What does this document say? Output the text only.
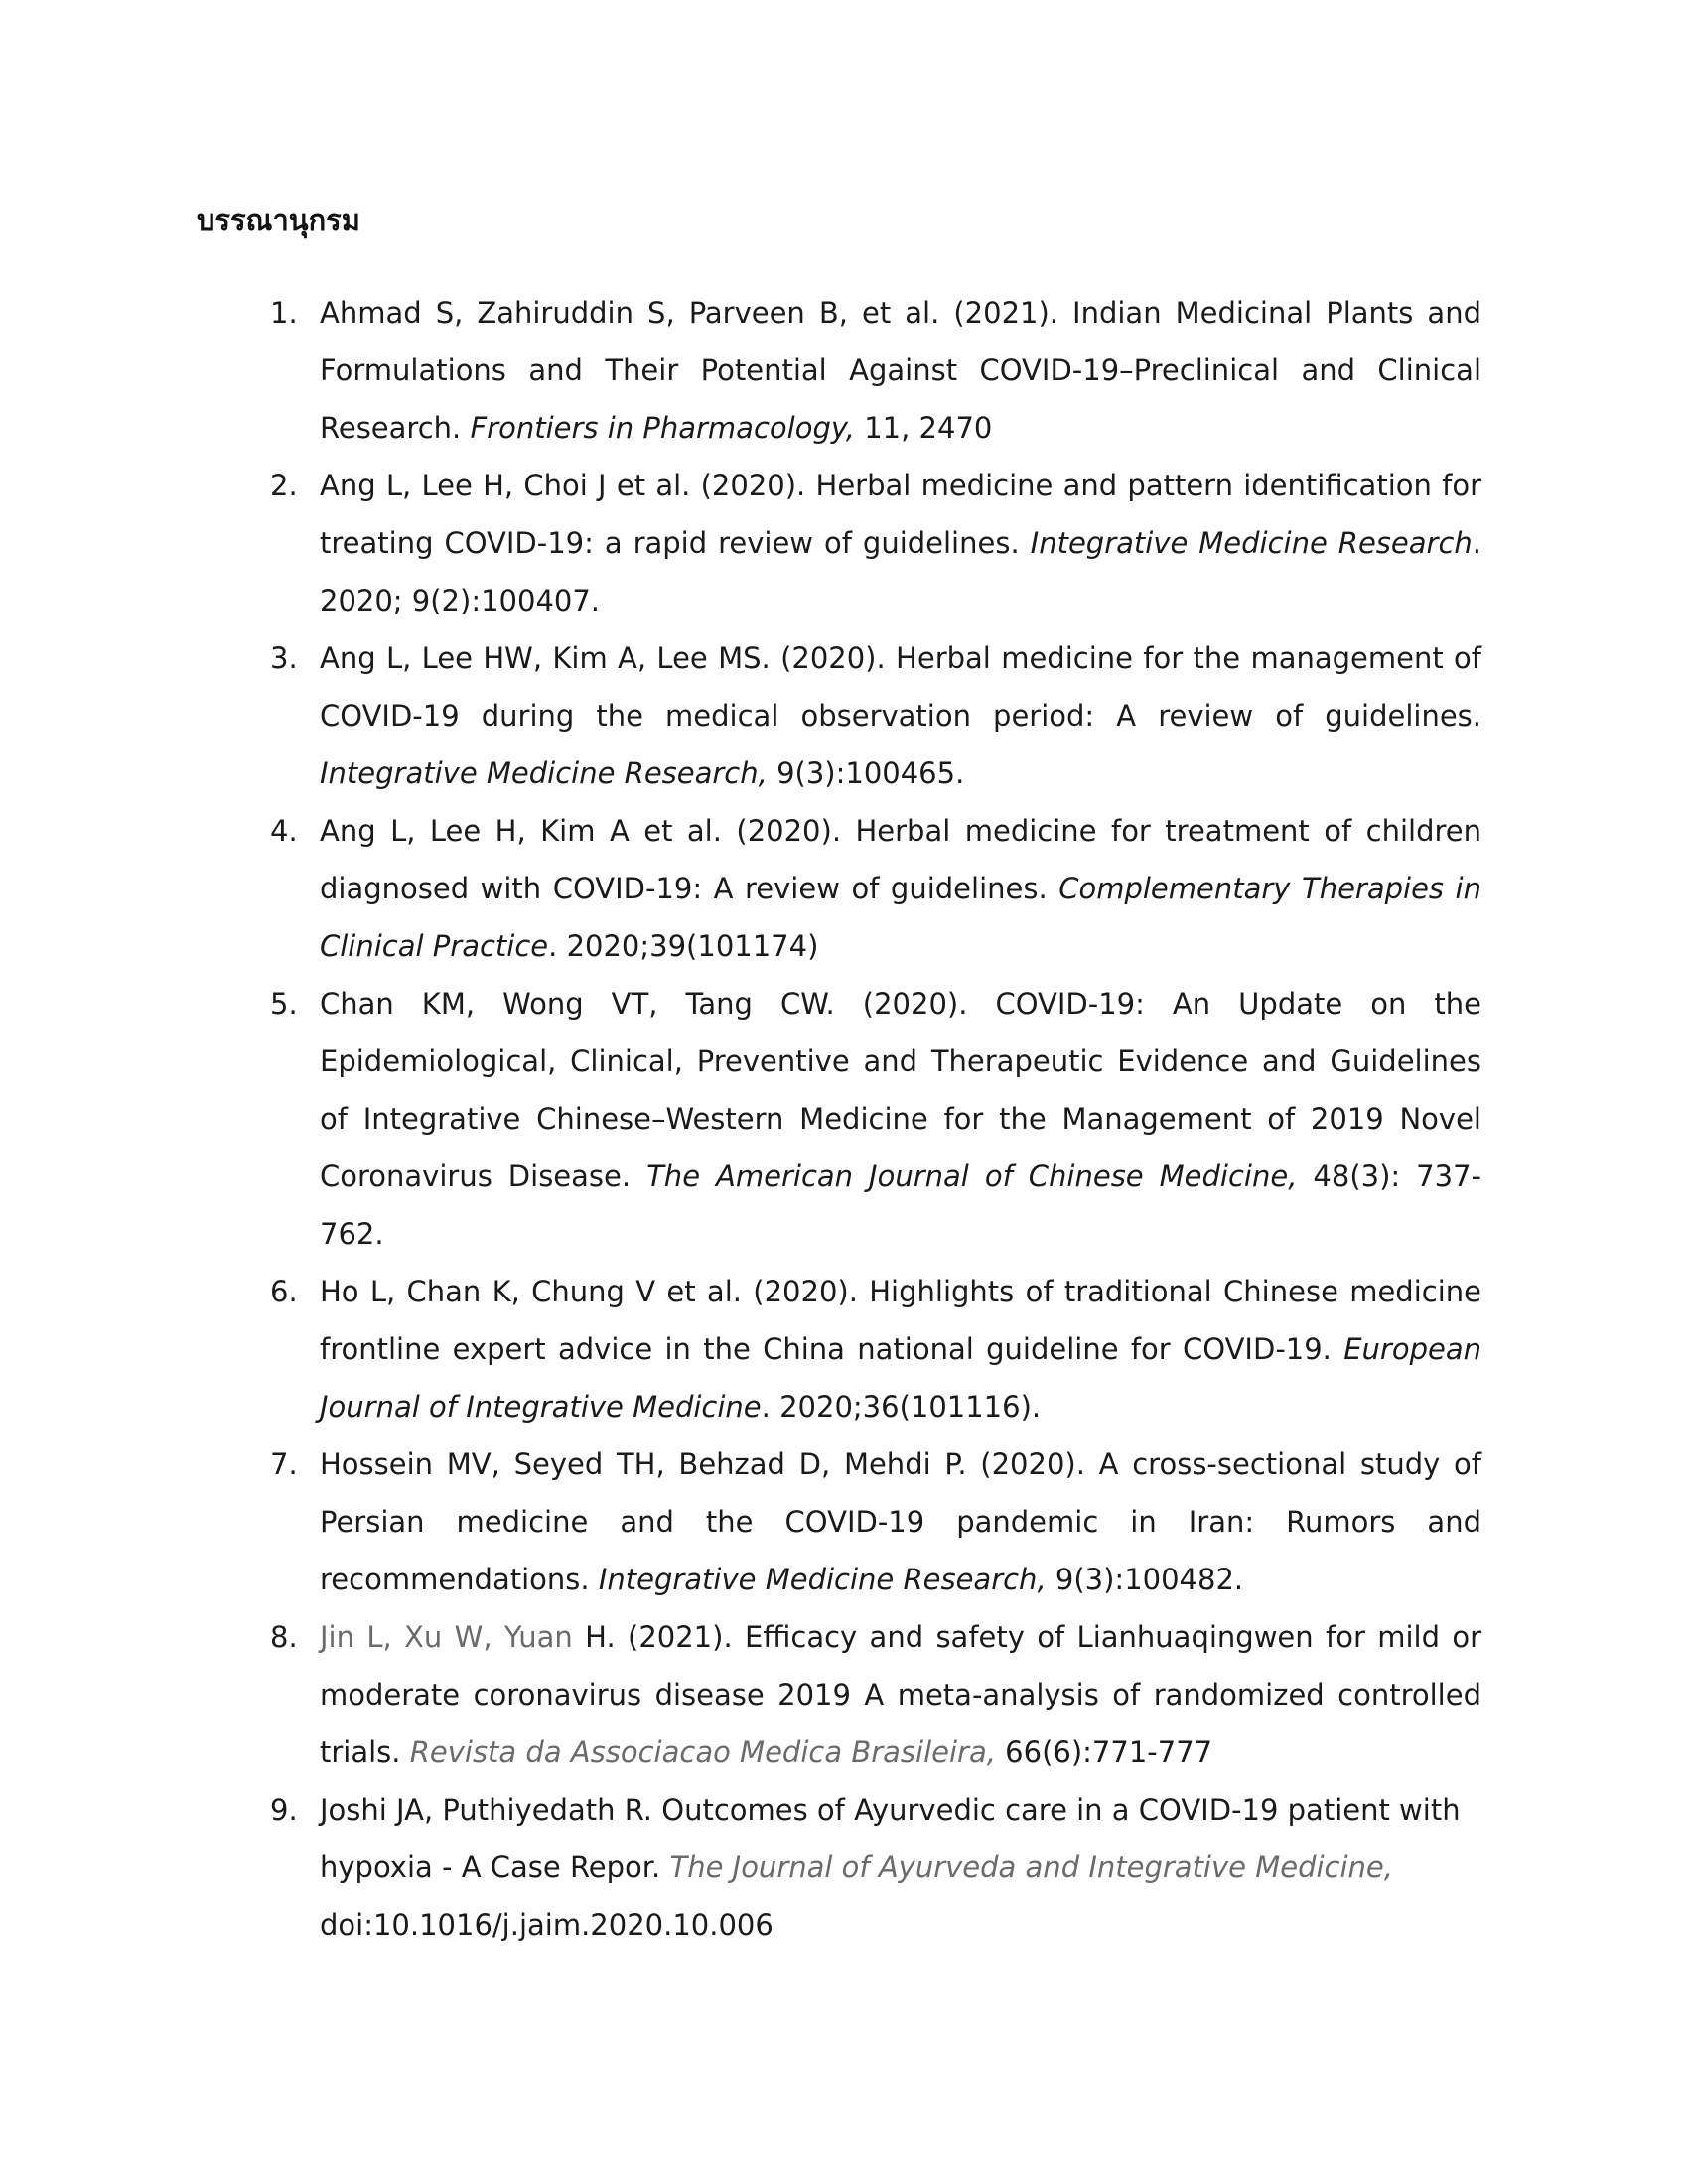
บรรณานุกรม
1. Ahmad S, Zahiruddin S, Parveen B, et al. (2021). Indian Medicinal Plants and Formulations and Their Potential Against COVID-19–Preclinical and Clinical Research. Frontiers in Pharmacology, 11, 2470
2. Ang L, Lee H, Choi J et al. (2020). Herbal medicine and pattern identification for treating COVID-19: a rapid review of guidelines. Integrative Medicine Research. 2020; 9(2):100407.
3. Ang L, Lee HW, Kim A, Lee MS. (2020). Herbal medicine for the management of COVID-19 during the medical observation period: A review of guidelines. Integrative Medicine Research, 9(3):100465.
4. Ang L, Lee H, Kim A et al. (2020). Herbal medicine for treatment of children diagnosed with COVID-19: A review of guidelines. Complementary Therapies in Clinical Practice. 2020;39(101174)
5. Chan KM, Wong VT, Tang CW. (2020). COVID-19: An Update on the Epidemiological, Clinical, Preventive and Therapeutic Evidence and Guidelines of Integrative Chinese–Western Medicine for the Management of 2019 Novel Coronavirus Disease. The American Journal of Chinese Medicine, 48(3): 737-762.
6. Ho L, Chan K, Chung V et al. (2020). Highlights of traditional Chinese medicine frontline expert advice in the China national guideline for COVID-19. European Journal of Integrative Medicine. 2020;36(101116).
7. Hossein MV, Seyed TH, Behzad D, Mehdi P. (2020). A cross-sectional study of Persian medicine and the COVID-19 pandemic in Iran: Rumors and recommendations. Integrative Medicine Research, 9(3):100482.
8. Jin L, Xu W, Yuan H. (2021). Efficacy and safety of Lianhuaqingwen for mild or moderate coronavirus disease 2019 A meta-analysis of randomized controlled trials. Revista da Associacao Medica Brasileira, 66(6):771-777
9. Joshi JA, Puthiyedath R. Outcomes of Ayurvedic care in a COVID-19 patient with hypoxia - A Case Repor. The Journal of Ayurveda and Integrative Medicine, doi:10.1016/j.jaim.2020.10.006
